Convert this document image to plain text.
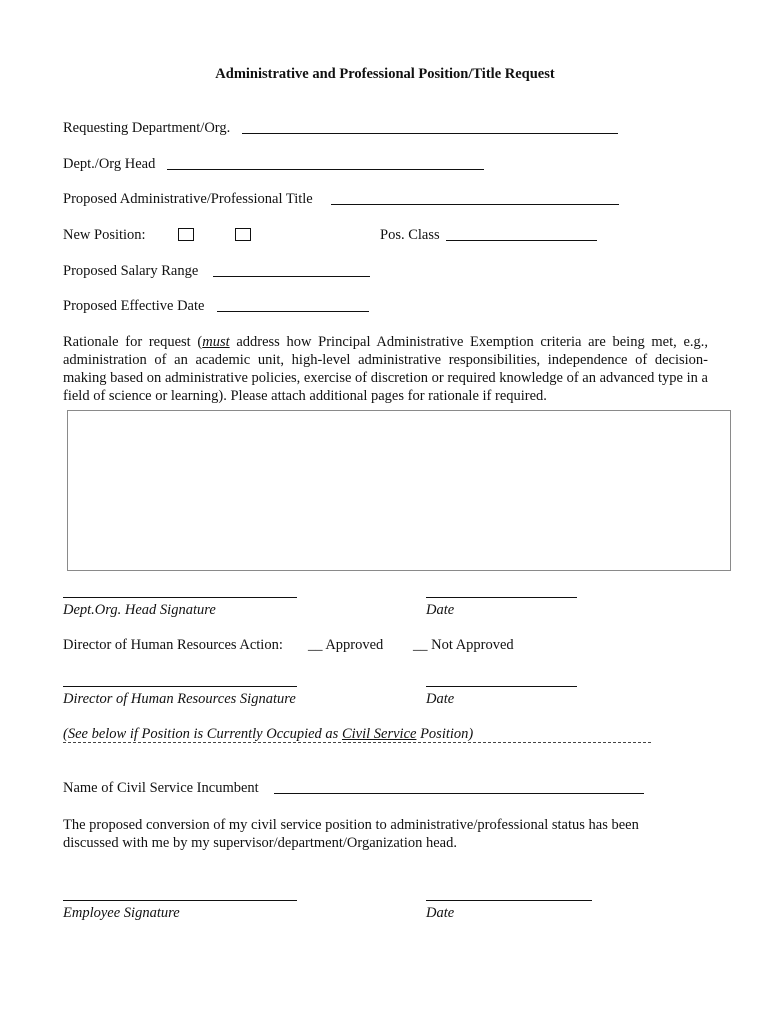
Administrative and Professional Position/Title Request
Requesting Department/Org.
Dept./Org Head
Proposed Administrative/Professional Title
New Position:	Pos. Class
Proposed Salary Range
Proposed Effective Date
Rationale for request (must address how Principal Administrative Exemption criteria are being met, e.g., administration of an academic unit, high-level administrative responsibilities, independence of decision-making based on administrative policies, exercise of discretion or required knowledge of an advanced type in a field of science or learning). Please attach additional pages for rationale if required.
Dept.Org. Head Signature	Date
Director of Human Resources Action: __ Approved __ Not Approved
Director of Human Resources Signature	Date
(See below if Position is Currently Occupied as Civil Service Position)
Name of Civil Service Incumbent
The proposed conversion of my civil service position to administrative/professional status has been discussed with me by my supervisor/department/Organization head.
Employee Signature	Date
